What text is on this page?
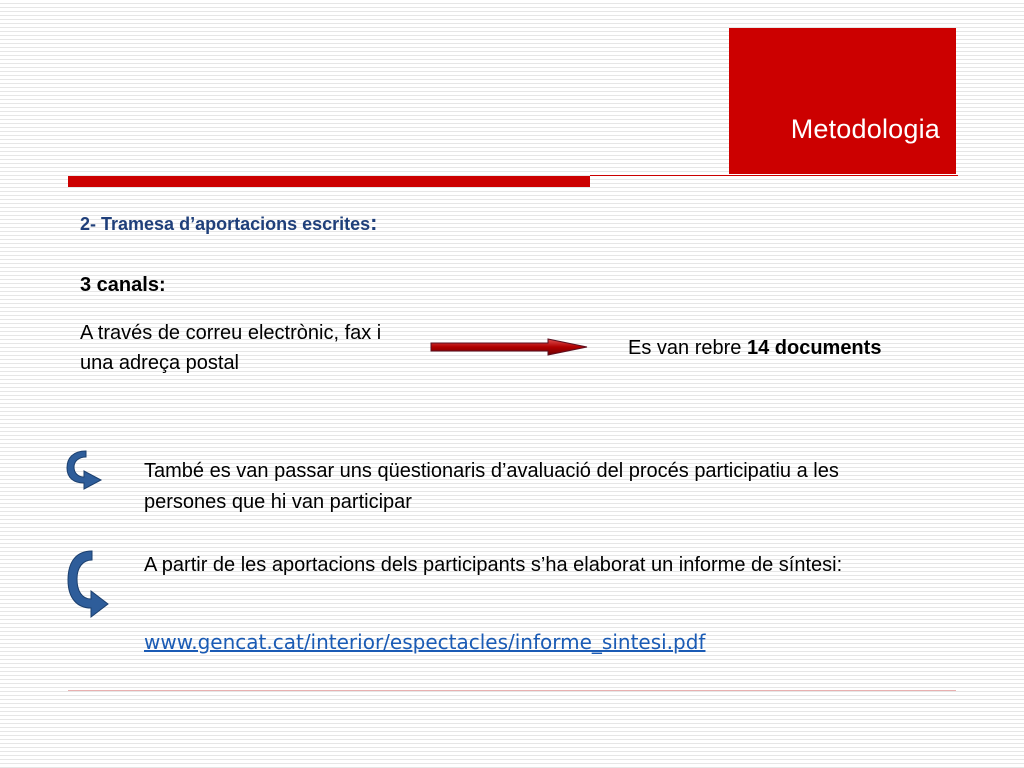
Metodologia
2- Tramesa d’aportacions escrites:
3 canals:
A través de correu electrònic, fax i una adreça postal
Es van rebre 14 documents
També es van passar uns qüestionaris d’avaluació del procés participatiu a les persones que hi van participar
A partir de les aportacions dels participants s’ha elaborat un informe de síntesi:
www.gencat.cat/interior/espectacles/informe_sintesi.pdf
